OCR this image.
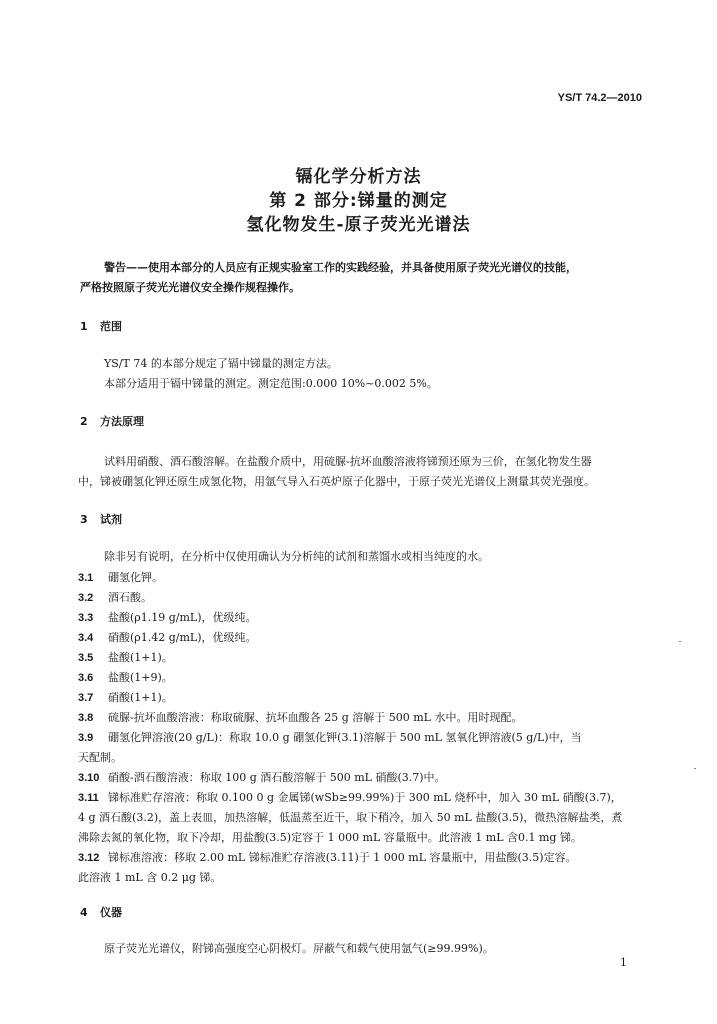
YS/T 74.2—2010
镉化学分析方法
第 2 部分:锑量的测定
氢化物发生-原子荧光光谱法
警告——使用本部分的人员应有正规实验室工作的实践经验，并具备使用原子荧光光谱仪的技能，
严格按照原子荧光光谱仪安全操作规程操作。
1 范围
YS/T 74 的本部分规定了镉中锑量的测定方法。
本部分适用于镉中锑量的测定。测定范围:0.000 10%~0.002 5%。
2 方法原理
试料用硝酸、酒石酸溶解。在盐酸介质中，用硫脲-抗坏血酸溶液将锑预还原为三价，在氢化物发生器
中，锑被硼氢化钾还原生成氢化物，用氩气导入石英炉原子化器中，于原子荧光光谱仪上测量其荧光强度。
3 试剂
除非另有说明，在分析中仅使用确认为分析纯的试剂和蒸馏水或相当纯度的水。
3.1 硼氢化钾。
3.2 酒石酸。
3.3 盐酸(ρ1.19 g/mL)，优级纯。
3.4 硝酸(ρ1.42 g/mL)，优级纯。
3.5 盐酸(1+1)。
3.6 盐酸(1+9)。
3.7 硝酸(1+1)。
3.8 硫脲-抗坏血酸溶液：称取硫脲、抗坏血酸各 25 g 溶解于 500 mL 水中。用时现配。
3.9 硼氢化钾溶液(20 g/L)：称取 10.0 g 硼氢化钾(3.1)溶解于 500 mL 氢氧化钾溶液(5 g/L)中，当
天配制。
3.10 硝酸-酒石酸溶液：称取 100 g 酒石酸溶解于 500 mL 硝酸(3.7)中。
3.11 锑标准贮存溶液：称取 0.100 0 g 金属锑(wSb≥99.99%)于 300 mL 烧杯中，加入 30 mL 硝酸(3.7)，
4 g 酒石酸(3.2)，盖上表皿，加热溶解，低温蒸至近干，取下稍冷，加入 50 mL 盐酸(3.5)，微热溶解盐类，煮
沸除去氮的氧化物，取下冷却，用盐酸(3.5)定容于 1 000 mL 容量瓶中。此溶液 1 mL 含0.1 mg 锑。
3.12 锑标准溶液：移取 2.00 mL 锑标准贮存溶液(3.11)于 1 000 mL 容量瓶中，用盐酸(3.5)定容。
此溶液 1 mL 含 0.2 μg 锑。
4 仪器
原子荧光光谱仪，附锑高强度空心阴极灯。屏蔽气和载气使用氩气(≥99.99%)。
1
